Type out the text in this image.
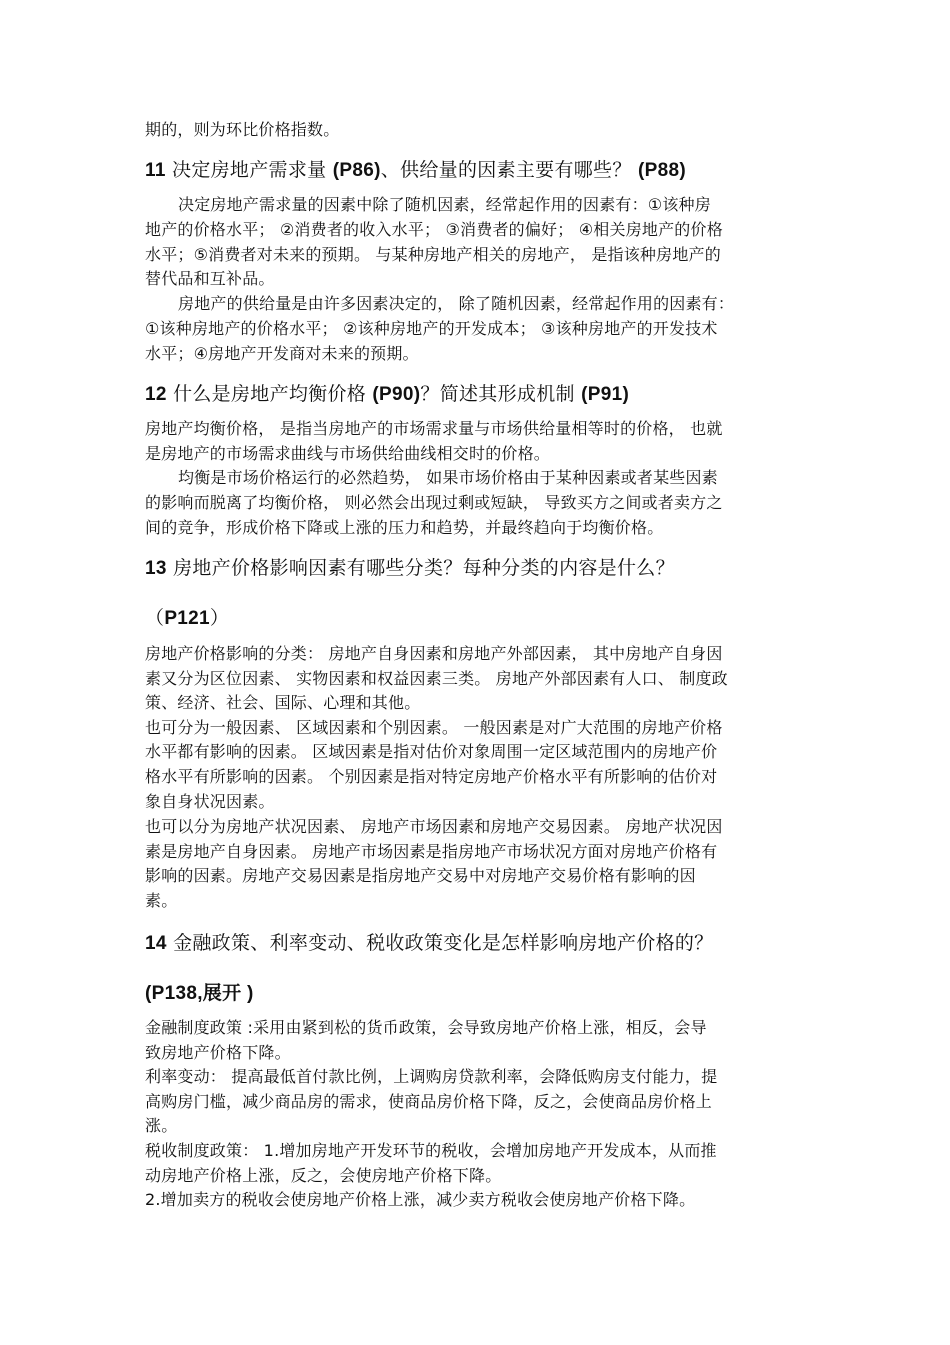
期的，则为环比价格指数。
11 决定房地产需求量 (P86)、供给量的因素主要有哪些？ (P88)
决定房地产需求量的因素中除了随机因素，经常起作用的因素有：①该种房
地产的价格水平； ②消费者的收入水平； ③消费者的偏好； ④相关房地产的价格
水平；⑤消费者对未来的预期。 与某种房地产相关的房地产， 是指该种房地产的
替代品和互补品。
房地产的供给量是由许多因素决定的， 除了随机因素，经常起作用的因素有：
①该种房地产的价格水平； ②该种房地产的开发成本； ③该种房地产的开发技术
水平；④房地产开发商对未来的预期。
12 什么是房地产均衡价格 (P90)？简述其形成机制 (P91)
房地产均衡价格， 是指当房地产的市场需求量与市场供给量相等时的价格， 也就
是房地产的市场需求曲线与市场供给曲线相交时的价格。
均衡是市场价格运行的必然趋势， 如果市场价格由于某种因素或者某些因素
的影响而脱离了均衡价格， 则必然会出现过剩或短缺， 导致买方之间或者卖方之
间的竞争，形成价格下降或上涨的压力和趋势，并最终趋向于均衡价格。
13 房地产价格影响因素有哪些分类？每种分类的内容是什么？
（P121）
房地产价格影响的分类： 房地产自身因素和房地产外部因素， 其中房地产自身因
素又分为区位因素、 实物因素和权益因素三类。 房地产外部因素有人口、 制度政
策、经济、社会、国际、心理和其他。
也可分为一般因素、 区域因素和个别因素。 一般因素是对广大范围的房地产价格
水平都有影响的因素。 区域因素是指对估价对象周围一定区域范围内的房地产价
格水平有所影响的因素。 个别因素是指对特定房地产价格水平有所影响的估价对
象自身状况因素。
也可以分为房地产状况因素、 房地产市场因素和房地产交易因素。 房地产状况因
素是房地产自身因素。 房地产市场因素是指房地产市场状况方面对房地产价格有
影响的因素。房地产交易因素是指房地产交易中对房地产交易价格有影响的因
素。
14 金融政策、利率变动、税收政策变化是怎样影响房地产价格的？
(P138,展开 )
金融制度政策 :采用由紧到松的货币政策，会导致房地产价格上涨，相反，会导
致房地产价格下降。
利率变动： 提高最低首付款比例，上调购房贷款利率，会降低购房支付能力，提
高购房门槛，减少商品房的需求，使商品房价格下降，反之，会使商品房价格上
涨。
税收制度政策： 1.增加房地产开发环节的税收，会增加房地产开发成本，从而推
动房地产价格上涨，反之，会使房地产价格下降。
2.增加卖方的税收会使房地产价格上涨，减少卖方税收会使房地产价格下降。
